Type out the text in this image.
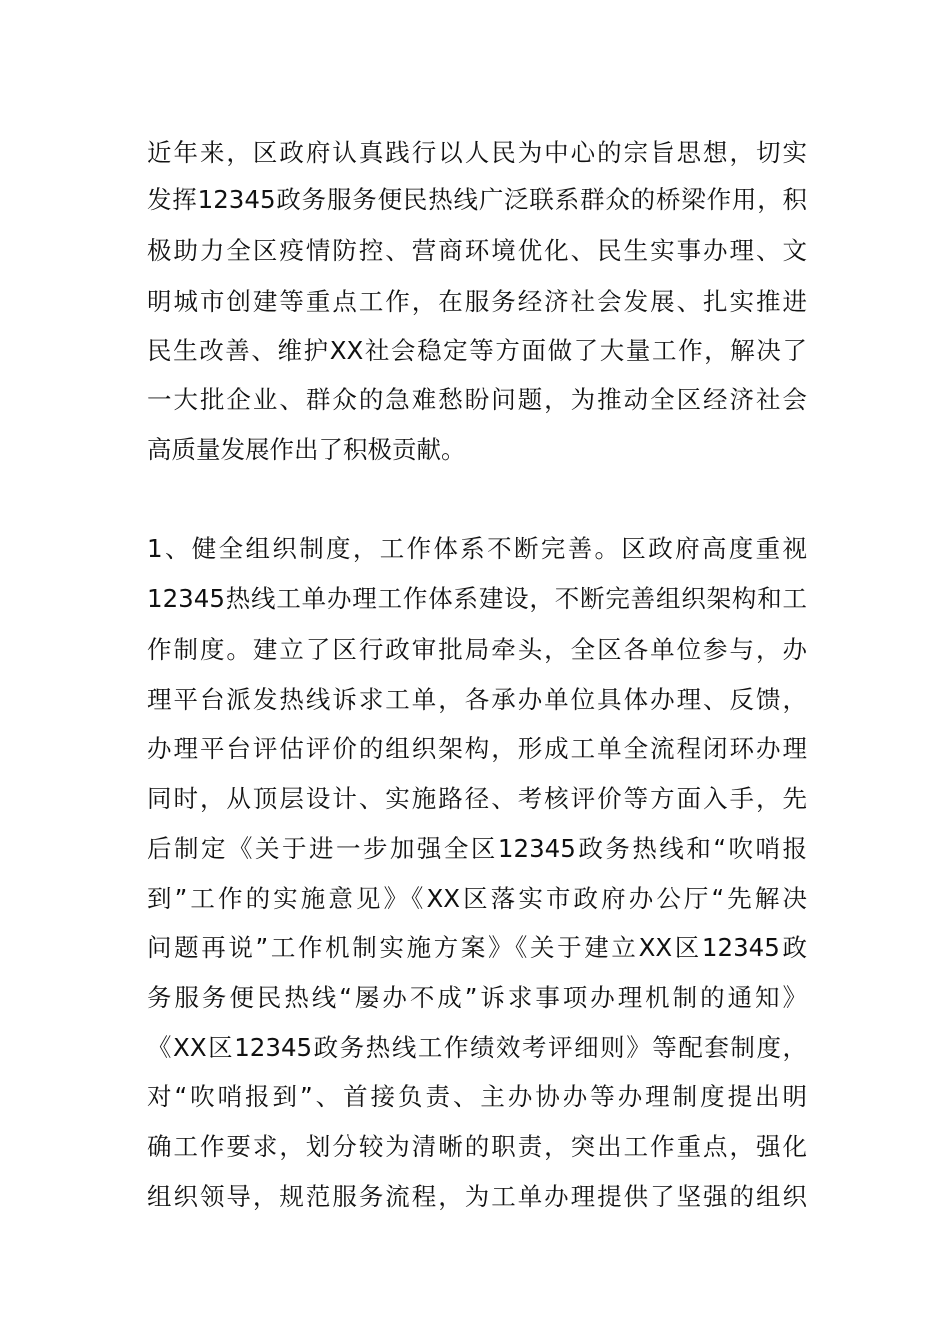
近年来，区政府认真践行以人民为中心的宗旨思想，切实
发挥12345政务服务便民热线广泛联系群众的桥梁作用，积
极助力全区疫情防控、营商环境优化、民生实事办理、文
明城市创建等重点工作，在服务经济社会发展、扎实推进
民生改善、维护XX社会稳定等方面做了大量工作，解决了
一大批企业、群众的急难愁盼问题，为推动全区经济社会
高质量发展作出了积极贡献。
1、健全组织制度，工作体系不断完善。区政府高度重视
12345热线工单办理工作体系建设，不断完善组织架构和工
作制度。建立了区行政审批局牵头，全区各单位参与，办
理平台派发热线诉求工单，各承办单位具体办理、反馈，
办理平台评估评价的组织架构，形成工单全流程闭环办理
同时，从顶层设计、实施路径、考核评价等方面入手，先
后制定《关于进一步加强全区12345政务热线和“吹哨报
到”工作的实施意见》《XX区落实市政府办公厅“先解决
问题再说”工作机制实施方案》《关于建立XX区12345政
务服务便民热线“屡办不成”诉求事项办理机制的通知》
《XX区12345政务热线工作绩效考评细则》等配套制度，
对“吹哨报到”、首接负责、主办协办等办理制度提出明
确工作要求，划分较为清晰的职责，突出工作重点，强化
组织领导，规范服务流程，为工单办理提供了坚强的组织
